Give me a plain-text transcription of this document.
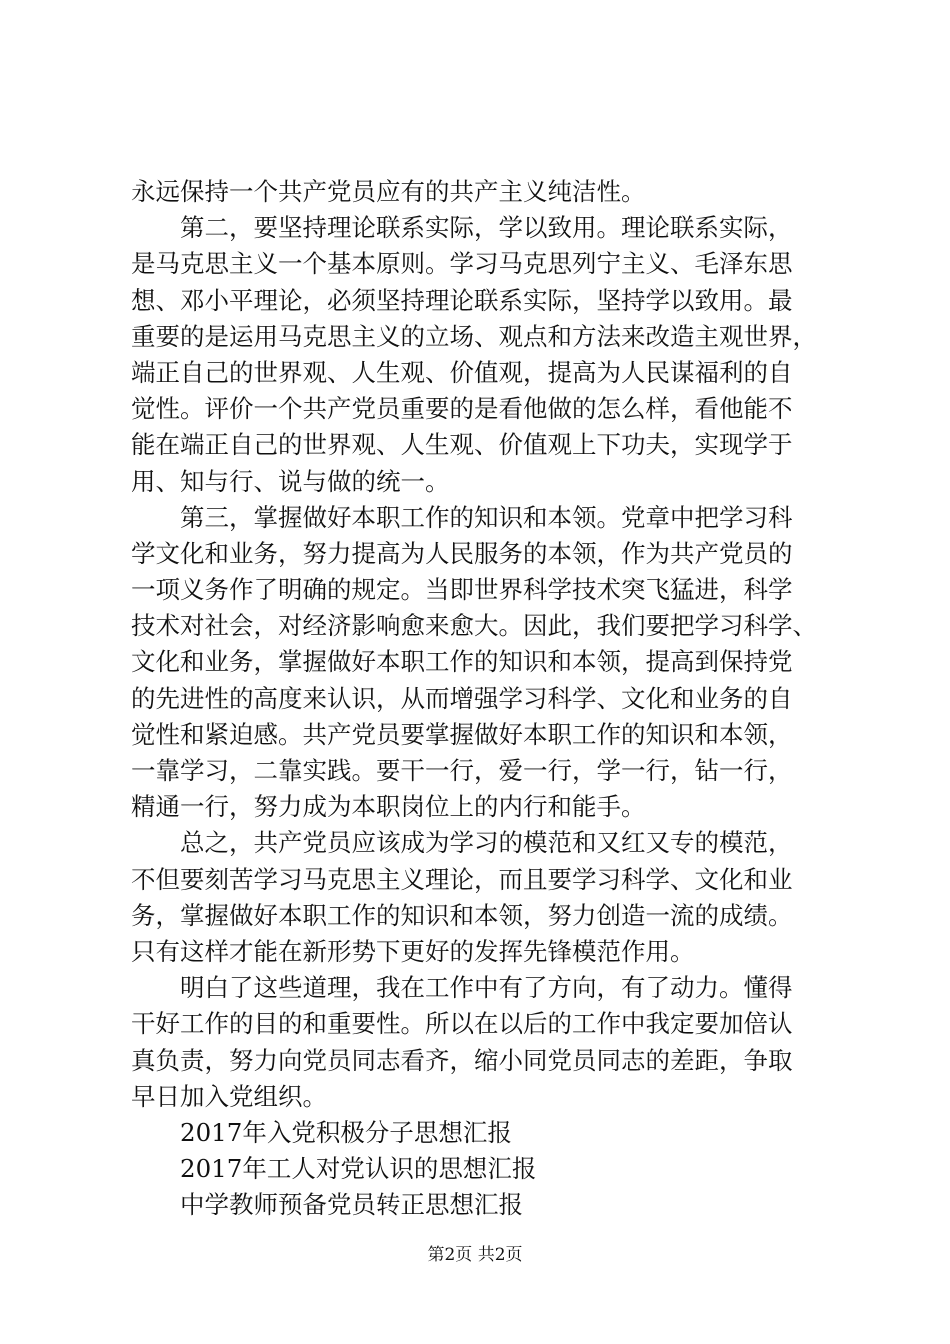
永远保持一个共产党员应有的共产主义纯洁性。
第二，要坚持理论联系实际，学以致用。理论联系实际，
是马克思主义一个基本原则。学习马克思列宁主义、毛泽东思
想、邓小平理论，必须坚持理论联系实际，坚持学以致用。最
重要的是运用马克思主义的立场、观点和方法来改造主观世界，
端正自己的世界观、人生观、价值观，提高为人民谋福利的自
觉性。评价一个共产党员重要的是看他做的怎么样，看他能不
能在端正自己的世界观、人生观、价值观上下功夫，实现学于
用、知与行、说与做的统一。
第三，掌握做好本职工作的知识和本领。党章中把学习科
学文化和业务，努力提高为人民服务的本领，作为共产党员的
一项义务作了明确的规定。当即世界科学技术突飞猛进，科学
技术对社会，对经济影响愈来愈大。因此，我们要把学习科学、
文化和业务，掌握做好本职工作的知识和本领，提高到保持党
的先进性的高度来认识，从而增强学习科学、文化和业务的自
觉性和紧迫感。共产党员要掌握做好本职工作的知识和本领，
一靠学习，二靠实践。要干一行，爱一行，学一行，钻一行，
精通一行，努力成为本职岗位上的内行和能手。
总之，共产党员应该成为学习的模范和又红又专的模范，
不但要刻苦学习马克思主义理论，而且要学习科学、文化和业
务，掌握做好本职工作的知识和本领，努力创造一流的成绩。
只有这样才能在新形势下更好的发挥先锋模范作用。
明白了这些道理，我在工作中有了方向，有了动力。懂得
干好工作的目的和重要性。所以在以后的工作中我定要加倍认
真负责，努力向党员同志看齐，缩小同党员同志的差距，争取
早日加入党组织。
2017年入党积极分子思想汇报
2017年工人对党认识的思想汇报
中学教师预备党员转正思想汇报
第2页 共2页
